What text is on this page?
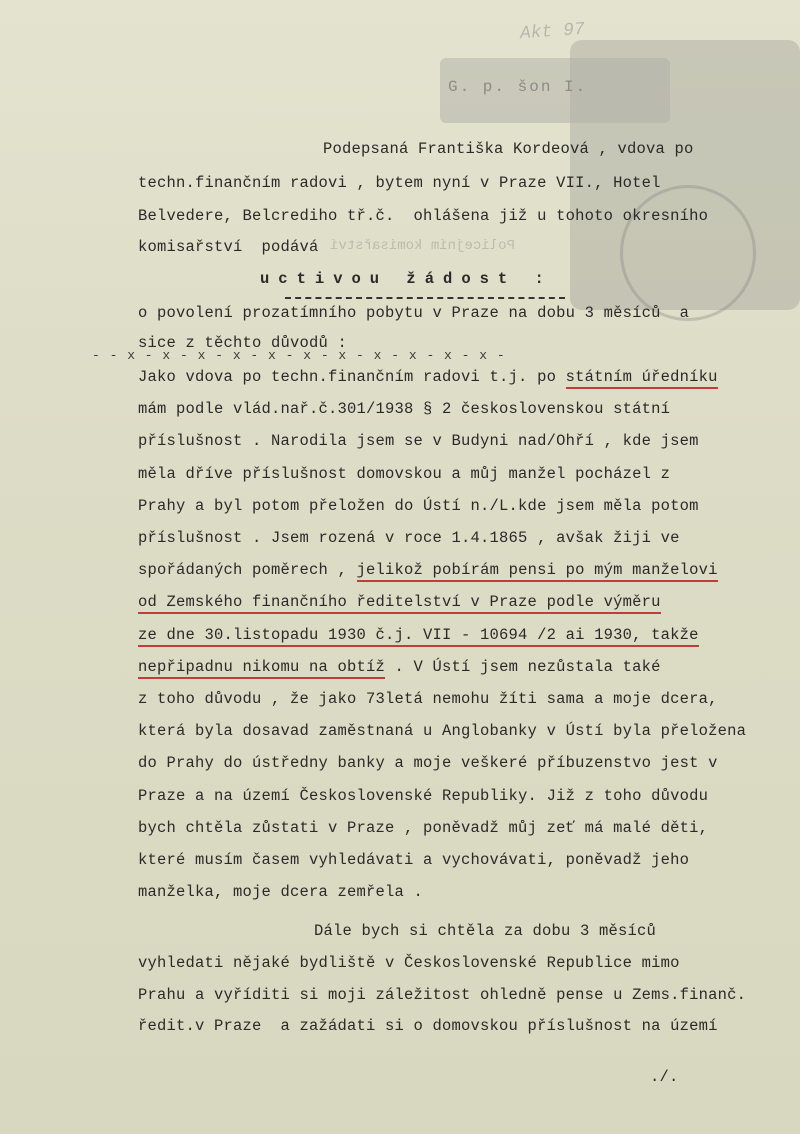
G. p. šon I.
Akt 97
Policejním komisařství
Podepsaná Františka Kordeová , vdova po
techn.finančním radovi , bytem nyní v Praze VII., Hotel
Belvedere, Belcrediho tř.č.  ohlášena již u tohoto okresního
komisařství  podává
uctivou žádost :
o povolení prozatímního pobytu v Praze na dobu 3 měsíců  a
sice z těchto důvodů :
- - x - x - x - x - x - x - x - x - x - x - x -
Jako vdova po techn.finančním radovi t.j. po státním úředníku
mám podle vlád.nař.č.301/1938 § 2 československou státní
příslušnost . Narodila jsem se v Budyni nad/Ohří , kde jsem
měla dříve příslušnost domovskou a můj manžel pocházel z
Prahy a byl potom přeložen do Ústí n./L.kde jsem měla potom
příslušnost . Jsem rozená v roce 1.4.1865 , avšak žiji ve
spořádaných poměrech , jelikož pobírám pensi po mým manželovi
od Zemského finančního ředitelství v Praze podle výměru
ze dne 30.listopadu 1930 č.j. VII - 10694 /2 ai 1930, takže
nepřipadnu nikomu na obtíž . V Ústí jsem nezůstala také
z toho důvodu , že jako 73letá nemohu žíti sama a moje dcera,
která byla dosavad zaměstnaná u Anglobanky v Ústí byla přeložena
do Prahy do ústředny banky a moje veškeré příbuzenstvo jest v
Praze a na území Československé Republiky. Již z toho důvodu
bych chtěla zůstati v Praze , poněvadž můj zeť má malé děti,
které musím časem vyhledávati a vychovávati, poněvadž jeho
manželka, moje dcera zemřela .
Dále bych si chtěla za dobu 3 měsíců
vyhledati nějaké bydliště v Československé Republice mimo
Prahu a vyříditi si moji záležitost ohledně pense u Zems.finanč.
ředit.v Praze  a zažádati si o domovskou příslušnost na území
./.
